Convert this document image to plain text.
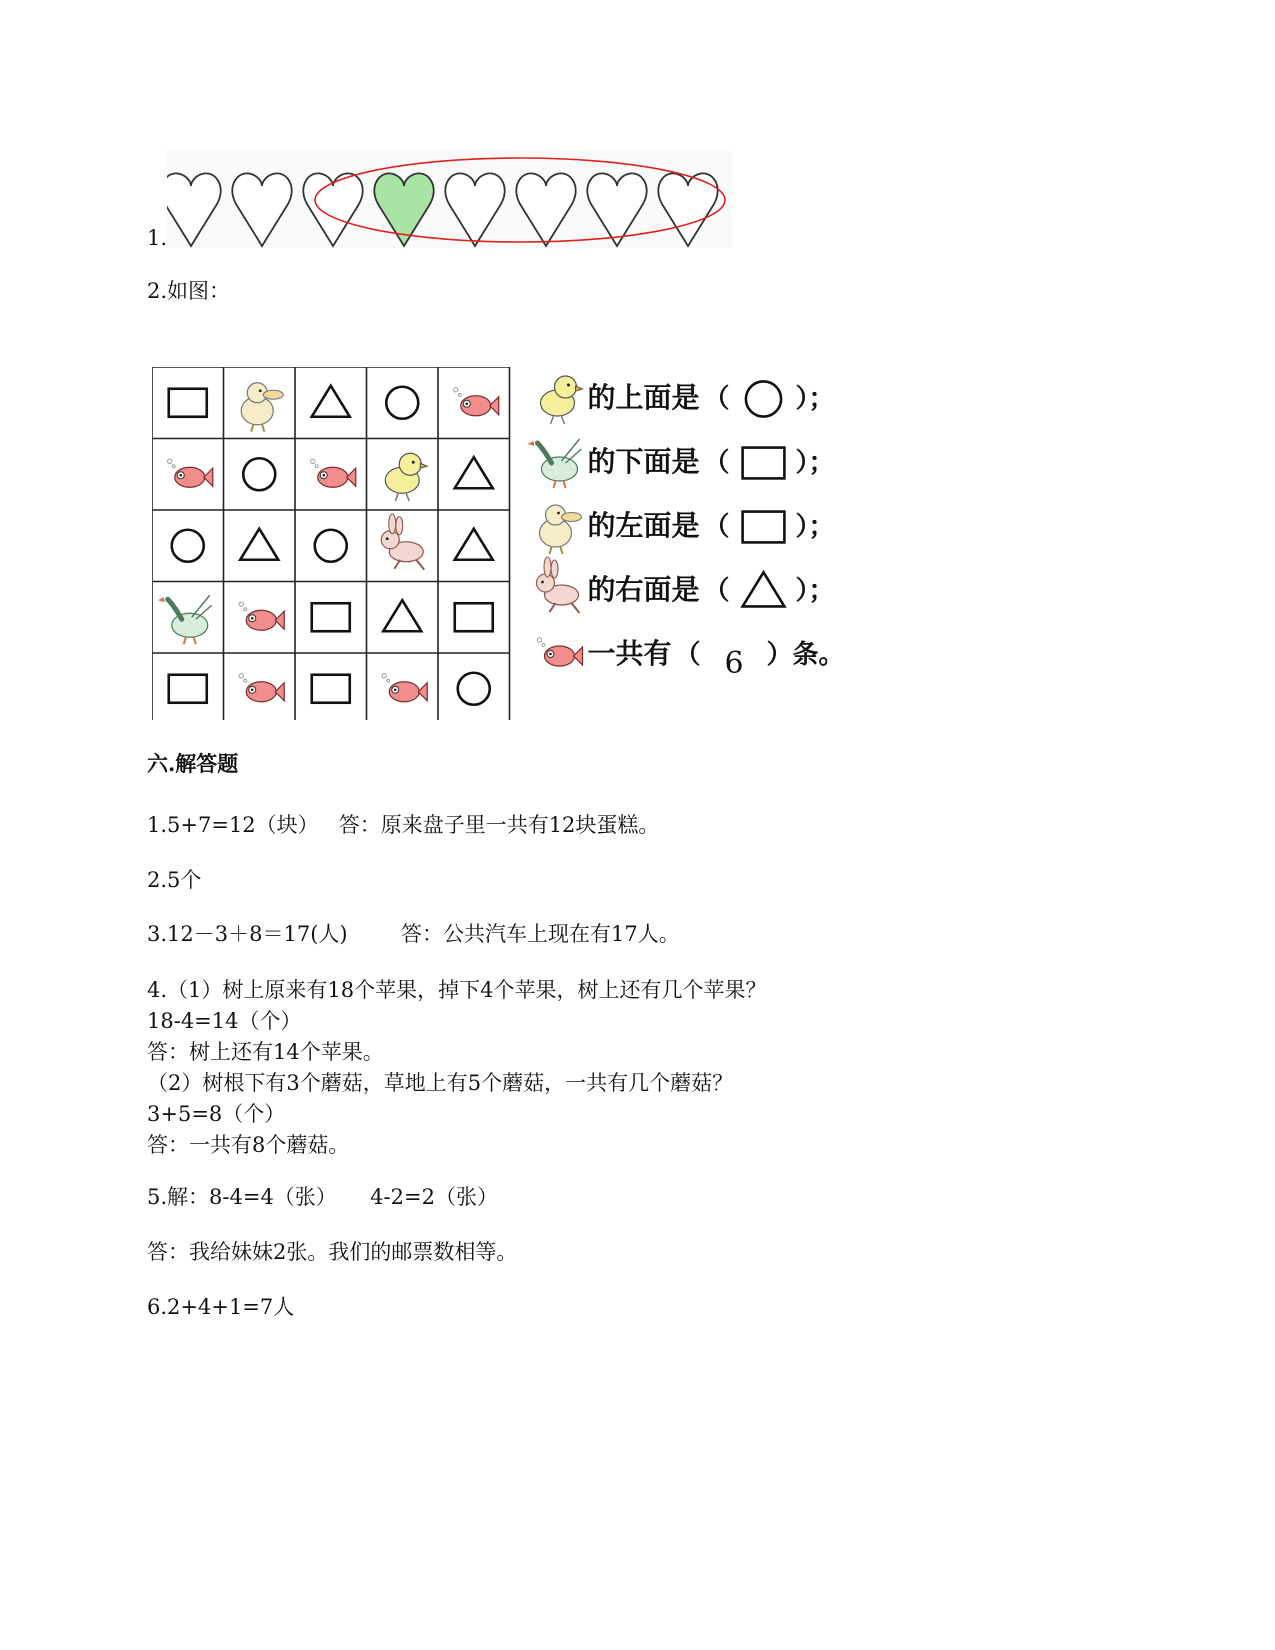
1.
2.如图：
的上面是 （	）；
的下面是 （	）；
的左面是 （	）；
的右面是 （	）；
一共有 （ 6 ）条。
六.解答题
1.5+7=12（块）   答：原来盘子里一共有12块蛋糕。
2.5个
3.12－3＋8＝17(人)        答：公共汽车上现在有17人。
4.（1）树上原来有18个苹果，掉下4个苹果，树上还有几个苹果？
18-4=14（个）
答：树上还有14个苹果。
（2）树根下有3个蘑菇，草地上有5个蘑菇，一共有几个蘑菇？
3+5=8（个）
答：一共有8个蘑菇。
5.解：8-4=4（张）     4-2=2（张）
答：我给妹妹2张。我们的邮票数相等。
6.2+4+1=7人
